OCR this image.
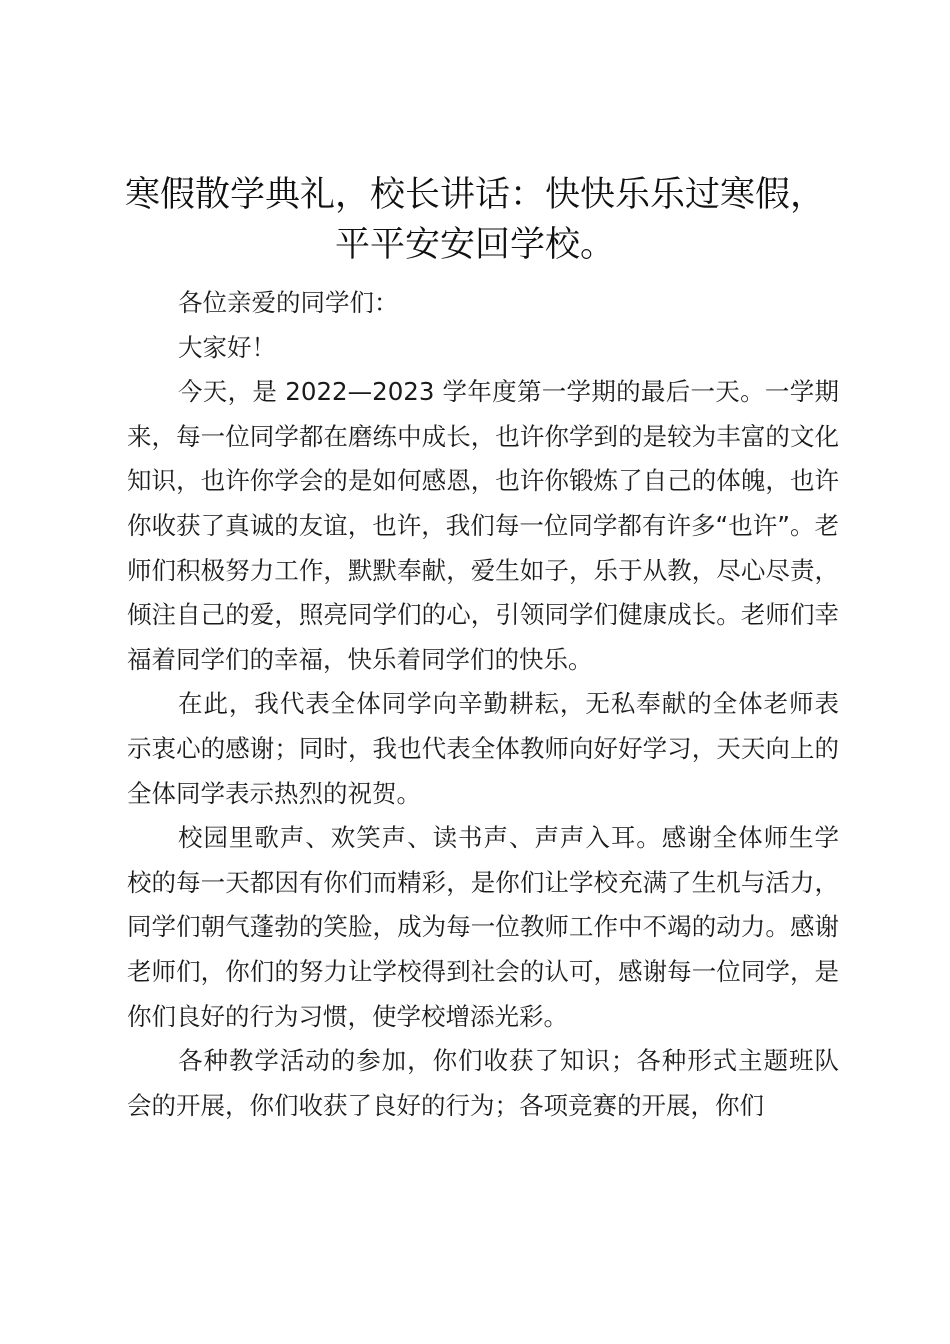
寒假散学典礼，校长讲话：快快乐乐过寒假，
平平安安回学校。

各位亲爱的同学们：

大家好！

今天，是 2022—2023 学年度第一学期的最后一天。一学期来，每一位同学都在磨练中成长，也许你学到的是较为丰富的文化知识，也许你学会的是如何感恩，也许你锻炼了自己的体魄，也许你收获了真诚的友谊，也许，我们每一位同学都有许多“也许”。老师们积极努力工作，默默奉献，爱生如子，乐于从教，尽心尽责，倾注自己的爱，照亮同学们的心，引领同学们健康成长。老师们幸福着同学们的幸福，快乐着同学们的快乐。

在此，我代表全体同学向辛勤耕耘，无私奉献的全体老师表示衷心的感谢；同时，我也代表全体教师向好好学习，天天向上的全体同学表示热烈的祝贺。

校园里歌声、欢笑声、读书声、声声入耳。感谢全体师生学校的每一天都因有你们而精彩，是你们让学校充满了生机与活力，同学们朝气蓬勃的笑脸，成为每一位教师工作中不竭的动力。感谢老师们，你们的努力让学校得到社会的认可，感谢每一位同学，是你们良好的行为习惯，使学校增添光彩。

各种教学活动的参加，你们收获了知识；各种形式主题班队会的开展，你们收获了良好的行为；各项竞赛的开展，你们
